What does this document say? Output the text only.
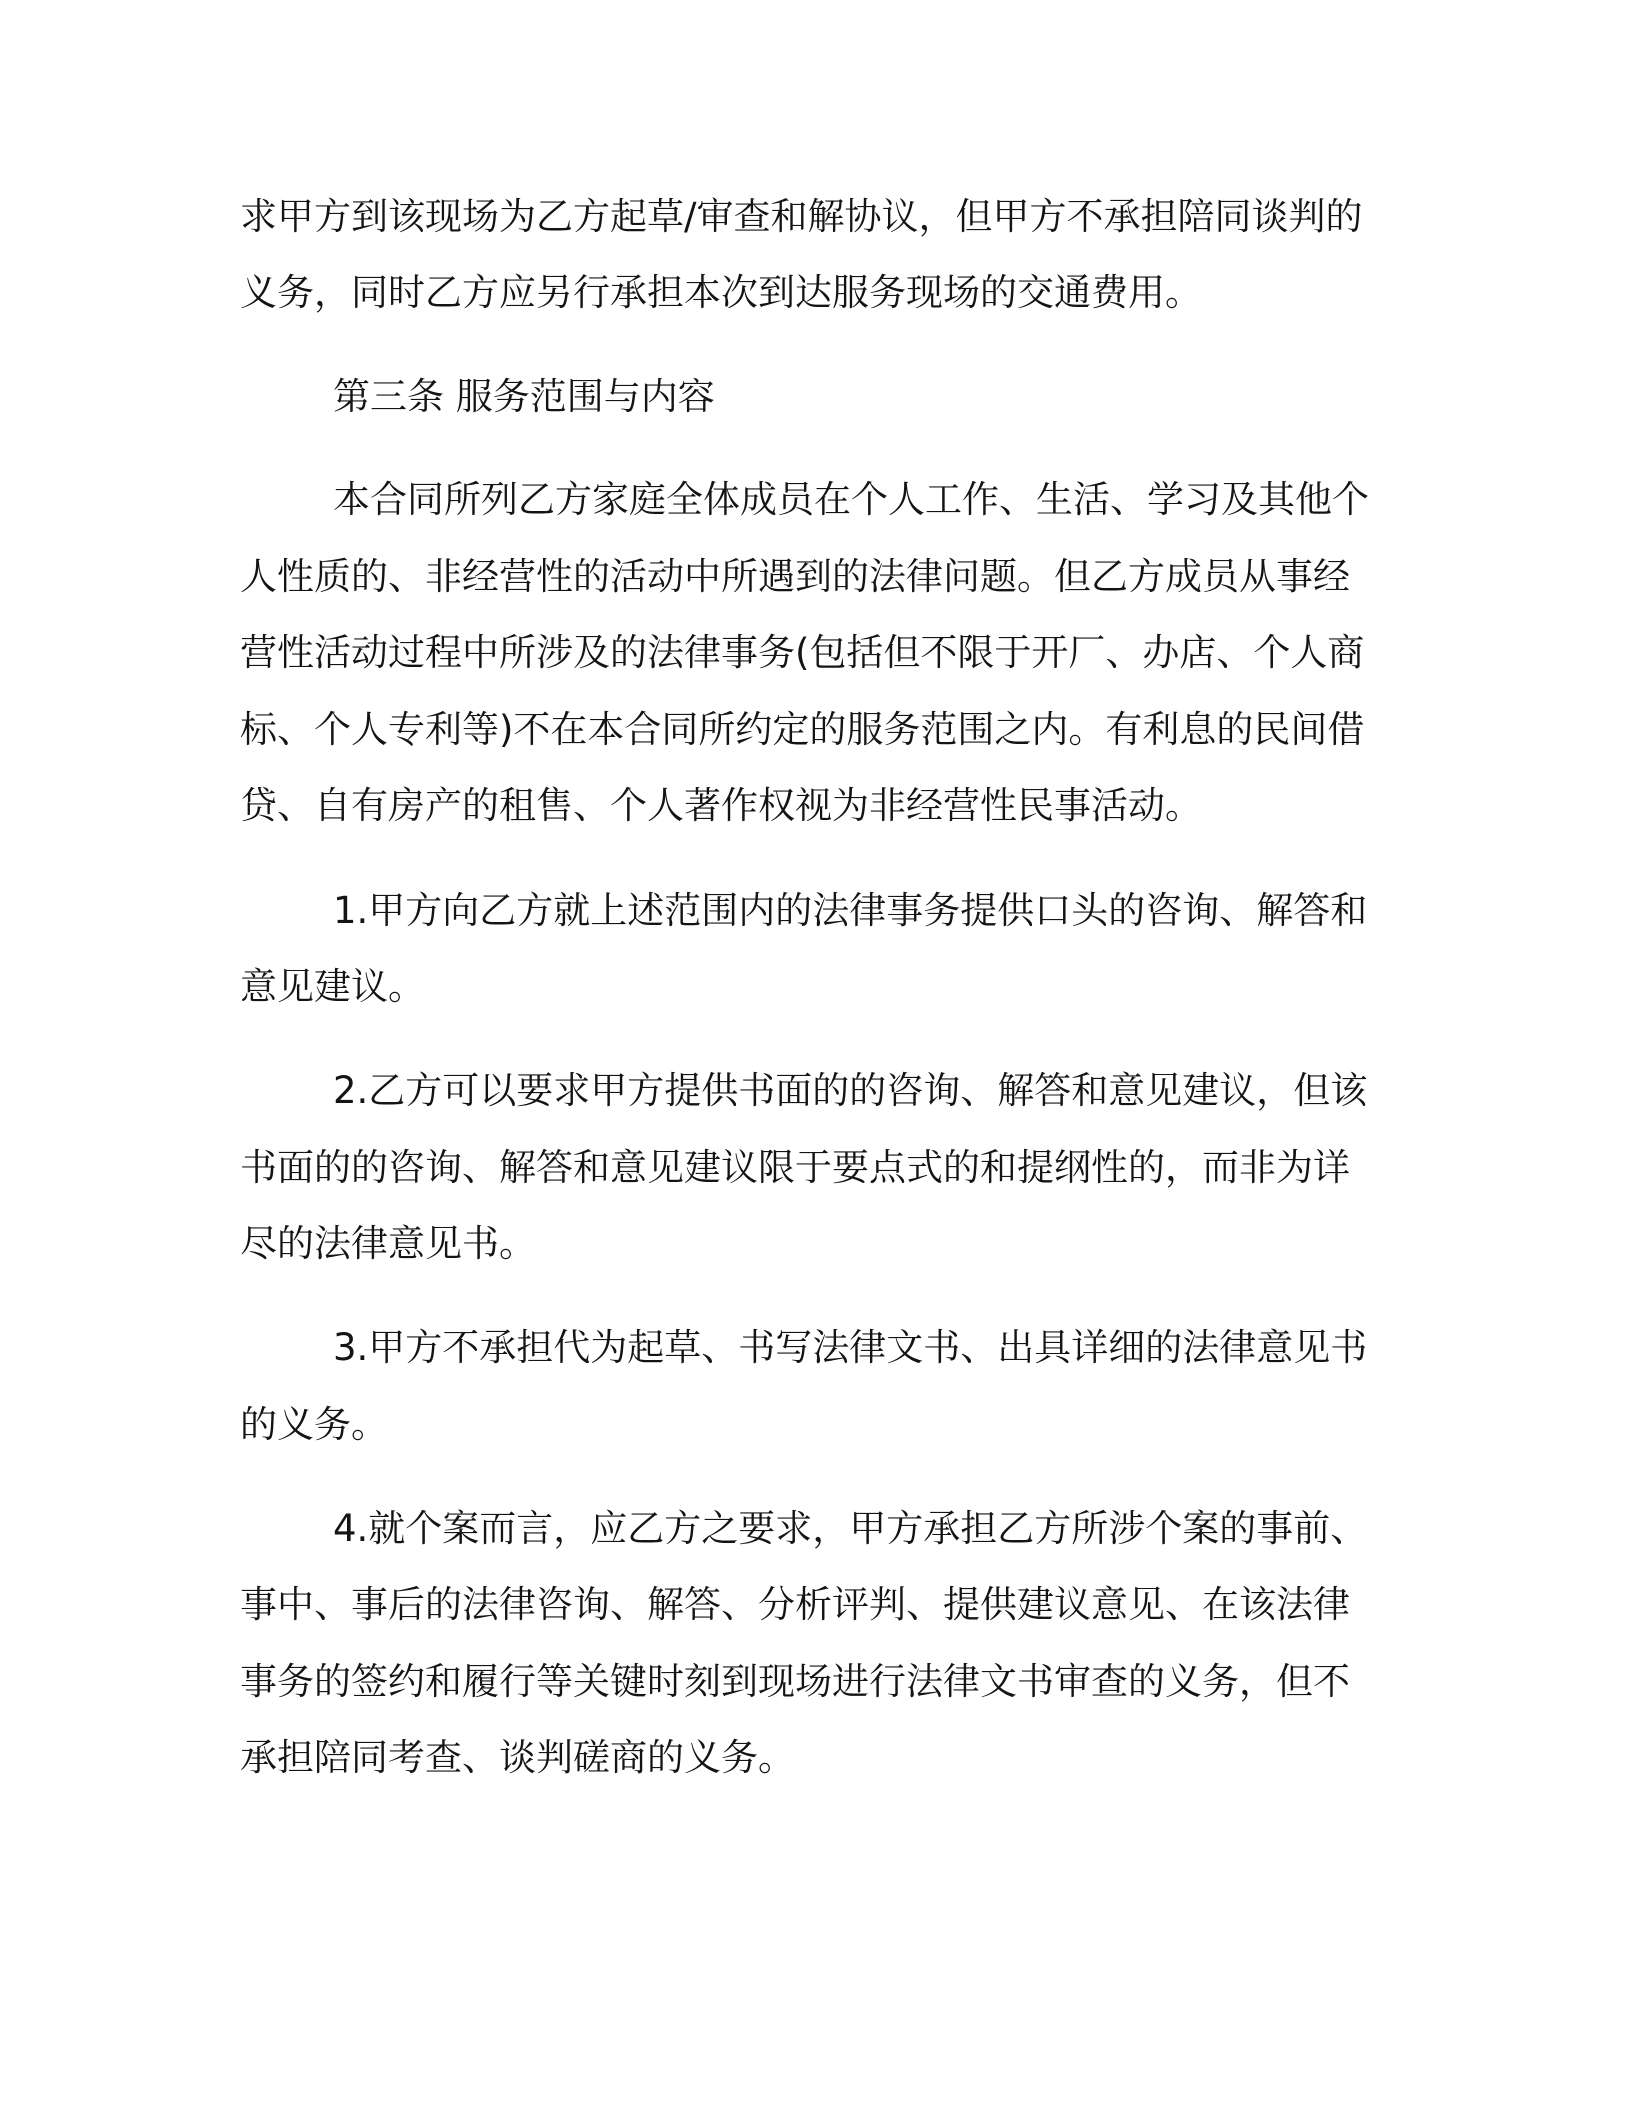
求甲方到该现场为乙方起草/审查和解协议，但甲方不承担陪同谈判的
义务，同时乙方应另行承担本次到达服务现场的交通费用。
第三条 服务范围与内容
本合同所列乙方家庭全体成员在个人工作、生活、学习及其他个
人性质的、非经营性的活动中所遇到的法律问题。但乙方成员从事经
营性活动过程中所涉及的法律事务(包括但不限于开厂、办店、个人商
标、个人专利等)不在本合同所约定的服务范围之内。有利息的民间借
贷、自有房产的租售、个人著作权视为非经营性民事活动。
1.甲方向乙方就上述范围内的法律事务提供口头的咨询、解答和
意见建议。
2.乙方可以要求甲方提供书面的的咨询、解答和意见建议，但该
书面的的咨询、解答和意见建议限于要点式的和提纲性的，而非为详
尽的法律意见书。
3.甲方不承担代为起草、书写法律文书、出具详细的法律意见书
的义务。
4.就个案而言，应乙方之要求，甲方承担乙方所涉个案的事前、
事中、事后的法律咨询、解答、分析评判、提供建议意见、在该法律
事务的签约和履行等关键时刻到现场进行法律文书审查的义务，但不
承担陪同考查、谈判磋商的义务。
